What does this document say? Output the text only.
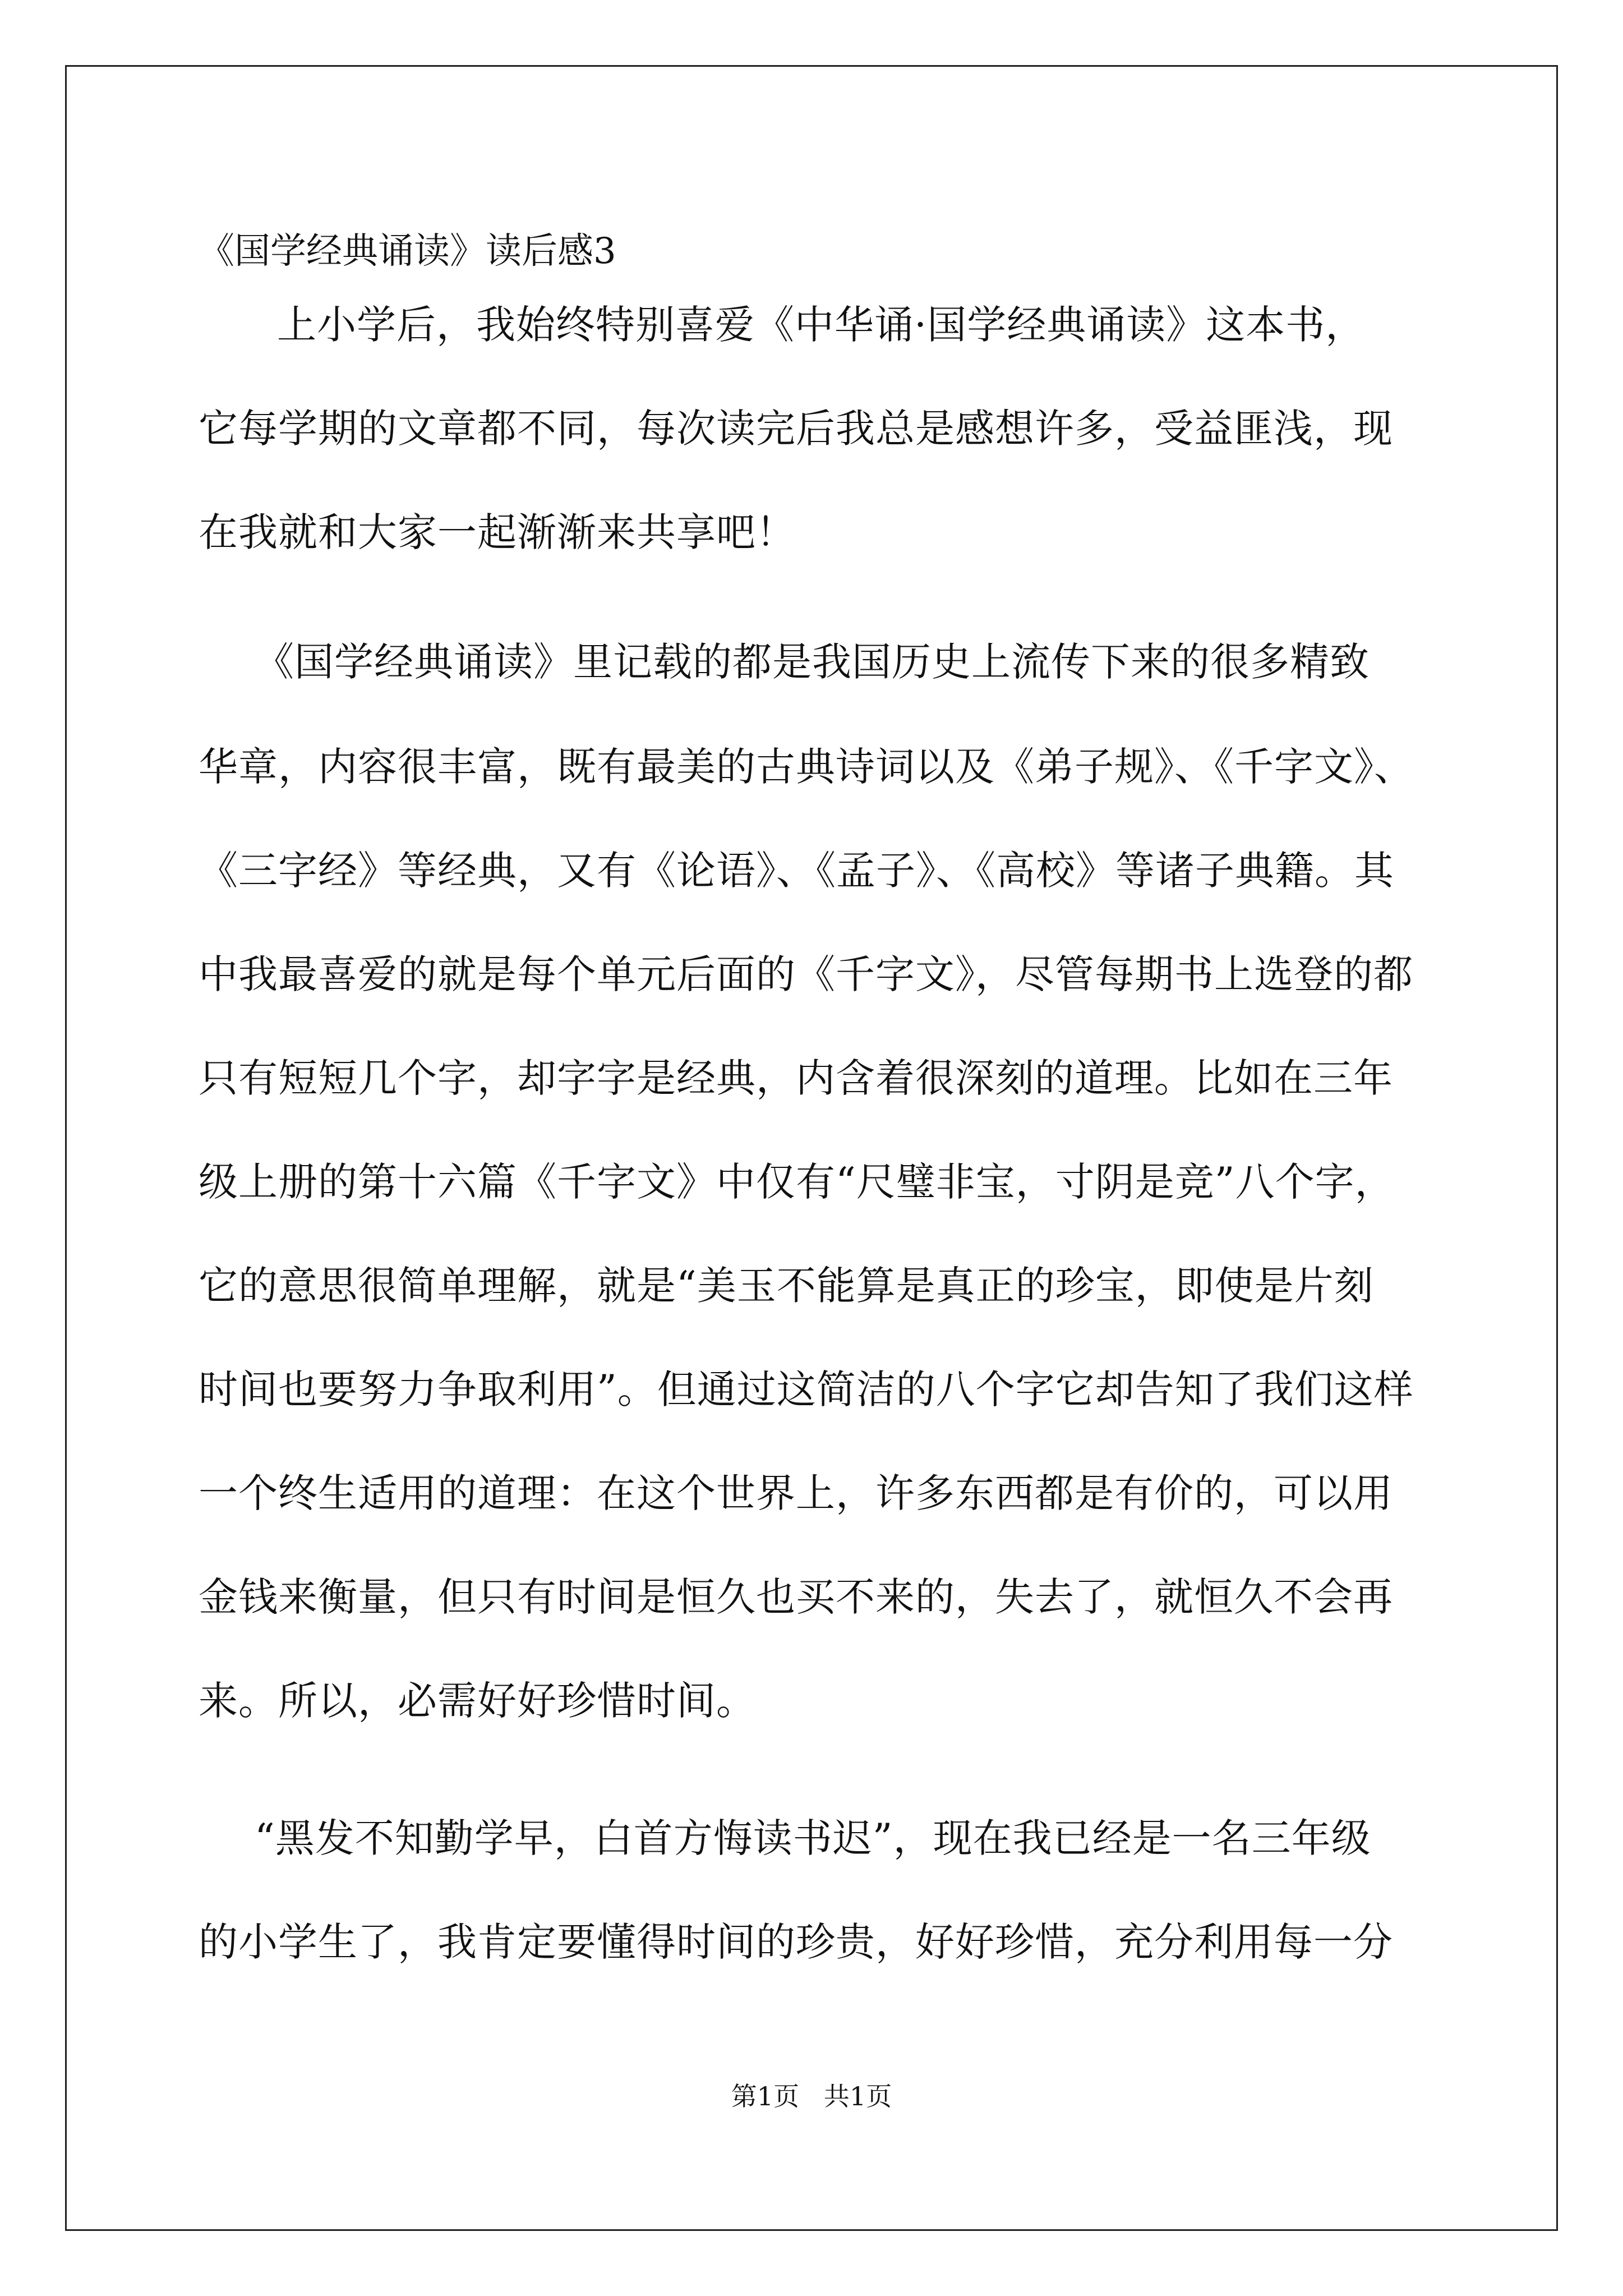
《国学经典诵读》读后感3
上小学后，我始终特别喜爱《中华诵·国学经典诵读》这本书，
它每学期的文章都不同，每次读完后我总是感想许多，受益匪浅，现
在我就和大家一起渐渐来共享吧！
《国学经典诵读》里记载的都是我国历史上流传下来的很多精致
华章，内容很丰富，既有最美的古典诗词以及《弟子规》、《千字文》、
《三字经》等经典，又有《论语》、《孟子》、《高校》等诸子典籍。其
中我最喜爱的就是每个单元后面的《千字文》，尽管每期书上选登的都
只有短短几个字，却字字是经典，内含着很深刻的道理。比如在三年
级上册的第十六篇《千字文》中仅有“尺璧非宝，寸阴是竞”八个字，
它的意思很简单理解，就是“美玉不能算是真正的珍宝，即使是片刻
时间也要努力争取利用”。但通过这简洁的八个字它却告知了我们这样
一个终生适用的道理：在这个世界上，许多东西都是有价的，可以用
金钱来衡量，但只有时间是恒久也买不来的，失去了，就恒久不会再
来。所以，必需好好珍惜时间。
“黑发不知勤学早，白首方悔读书迟”，现在我已经是一名三年级
的小学生了，我肯定要懂得时间的珍贵，好好珍惜，充分利用每一分
第1页   共1页
